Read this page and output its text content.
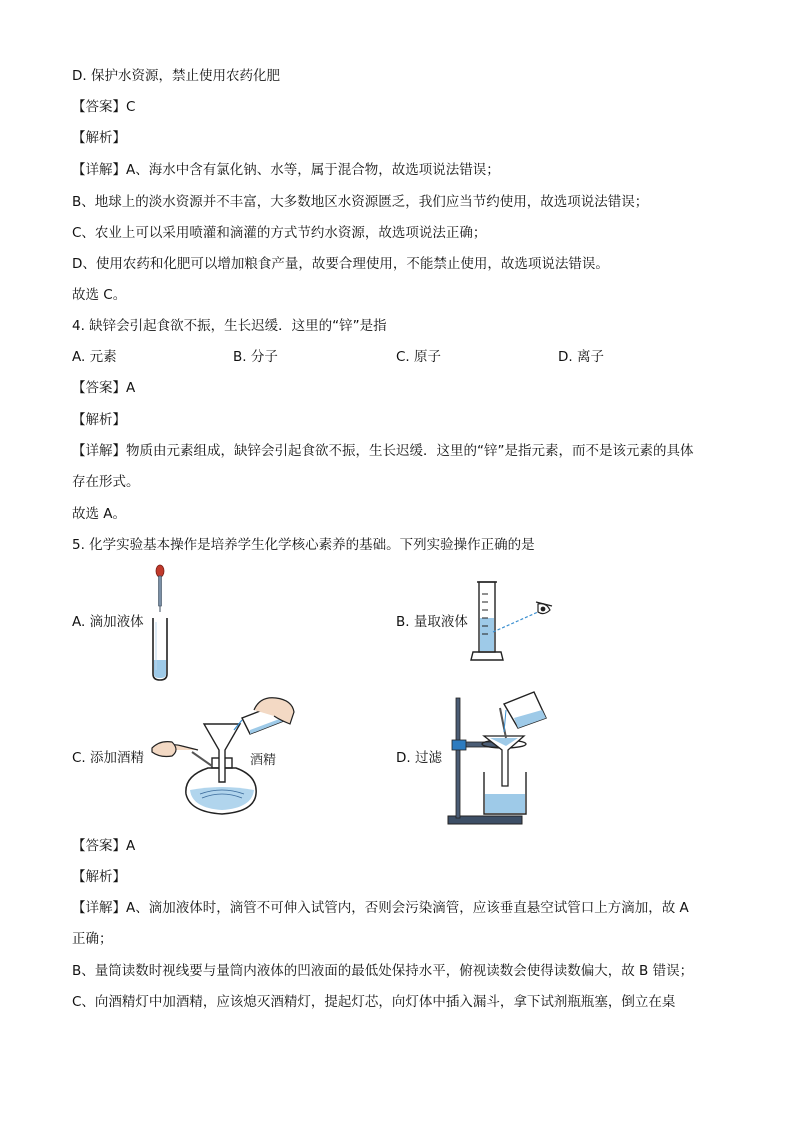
D. 保护水资源，禁止使用农药化肥
【答案】C
【解析】
【详解】A、海水中含有氯化钠、水等，属于混合物，故选项说法错误；
B、地球上的淡水资源并不丰富，大多数地区水资源匮乏，我们应当节约使用，故选项说法错误；
C、农业上可以采用喷灌和滴灌的方式节约水资源，故选项说法正确；
D、使用农药和化肥可以增加粮食产量，故要合理使用，不能禁止使用，故选项说法错误。
故选 C。
4. 缺锌会引起食欲不振，生长迟缓．这里的“锌”是指
A. 元素	B. 分子	C. 原子	D. 离子
【答案】A
【解析】
【详解】物质由元素组成，缺锌会引起食欲不振，生长迟缓．这里的“锌”是指元素，而不是该元素的具体
存在形式。
故选 A。
5. 化学实验基本操作是培养学生化学核心素养的基础。下列实验操作正确的是
A. 滴加液体	B. 量取液体
C. 添加酒精	D. 过滤
酒精
【答案】A
【解析】
【详解】A、滴加液体时，滴管不可伸入试管内，否则会污染滴管，应该垂直悬空试管口上方滴加，故 A
正确；
B、量筒读数时视线要与量筒内液体的凹液面的最低处保持水平，俯视读数会使得读数偏大，故 B 错误；
C、向酒精灯中加酒精，应该熄灭酒精灯，提起灯芯，向灯体中插入漏斗，拿下试剂瓶瓶塞，倒立在桌
